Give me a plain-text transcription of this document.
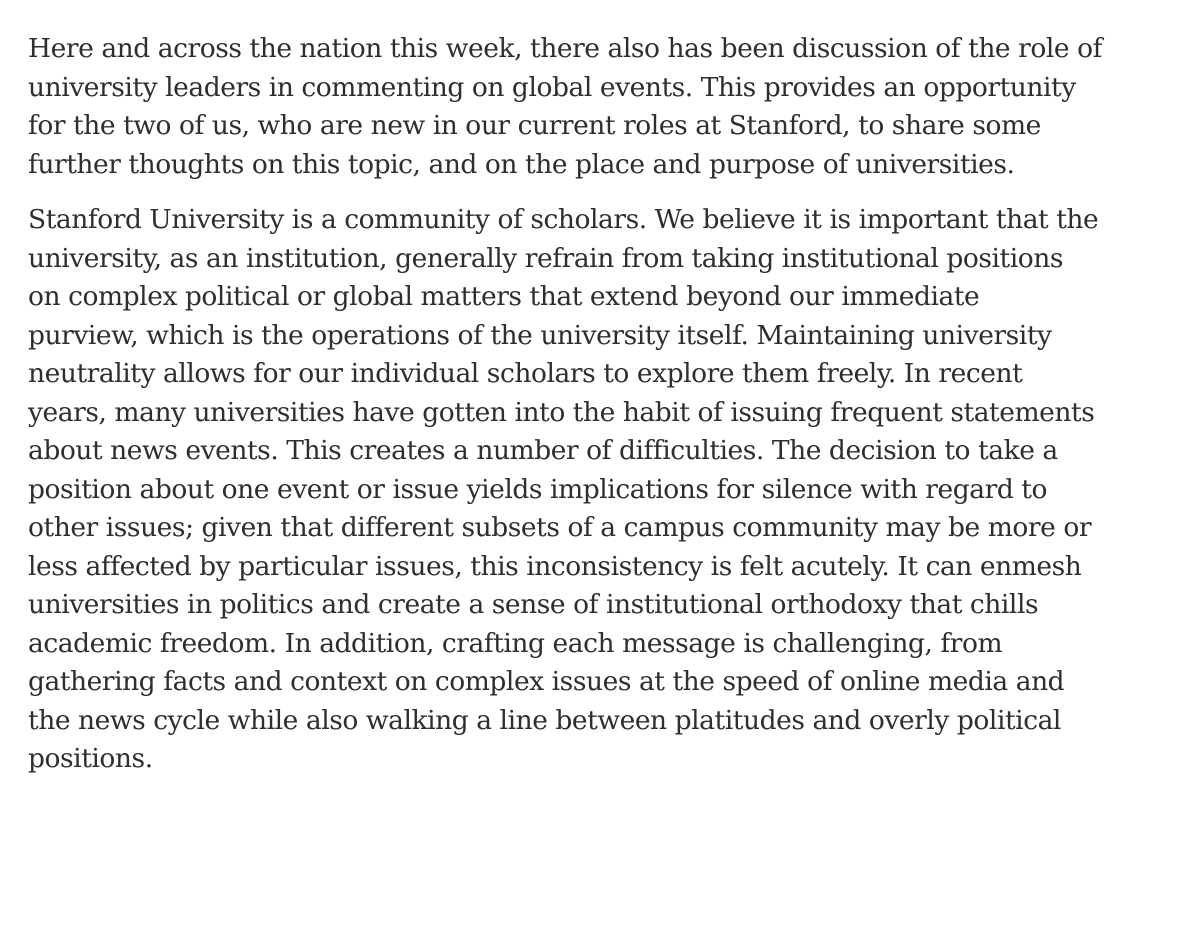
Here and across the nation this week, there also has been discussion of the role of
university leaders in commenting on global events. This provides an opportunity
for the two of us, who are new in our current roles at Stanford, to share some
further thoughts on this topic, and on the place and purpose of universities.

Stanford University is a community of scholars. We believe it is important that the
university, as an institution, generally refrain from taking institutional positions
on complex political or global matters that extend beyond our immediate
purview, which is the operations of the university itself. Maintaining university
neutrality allows for our individual scholars to explore them freely. In recent
years, many universities have gotten into the habit of issuing frequent statements
about news events. This creates a number of difficulties. The decision to take a
position about one event or issue yields implications for silence with regard to
other issues; given that different subsets of a campus community may be more or
less affected by particular issues, this inconsistency is felt acutely. It can enmesh
universities in politics and create a sense of institutional orthodoxy that chills
academic freedom. In addition, crafting each message is challenging, from
gathering facts and context on complex issues at the speed of online media and
the news cycle while also walking a line between platitudes and overly political
positions.
